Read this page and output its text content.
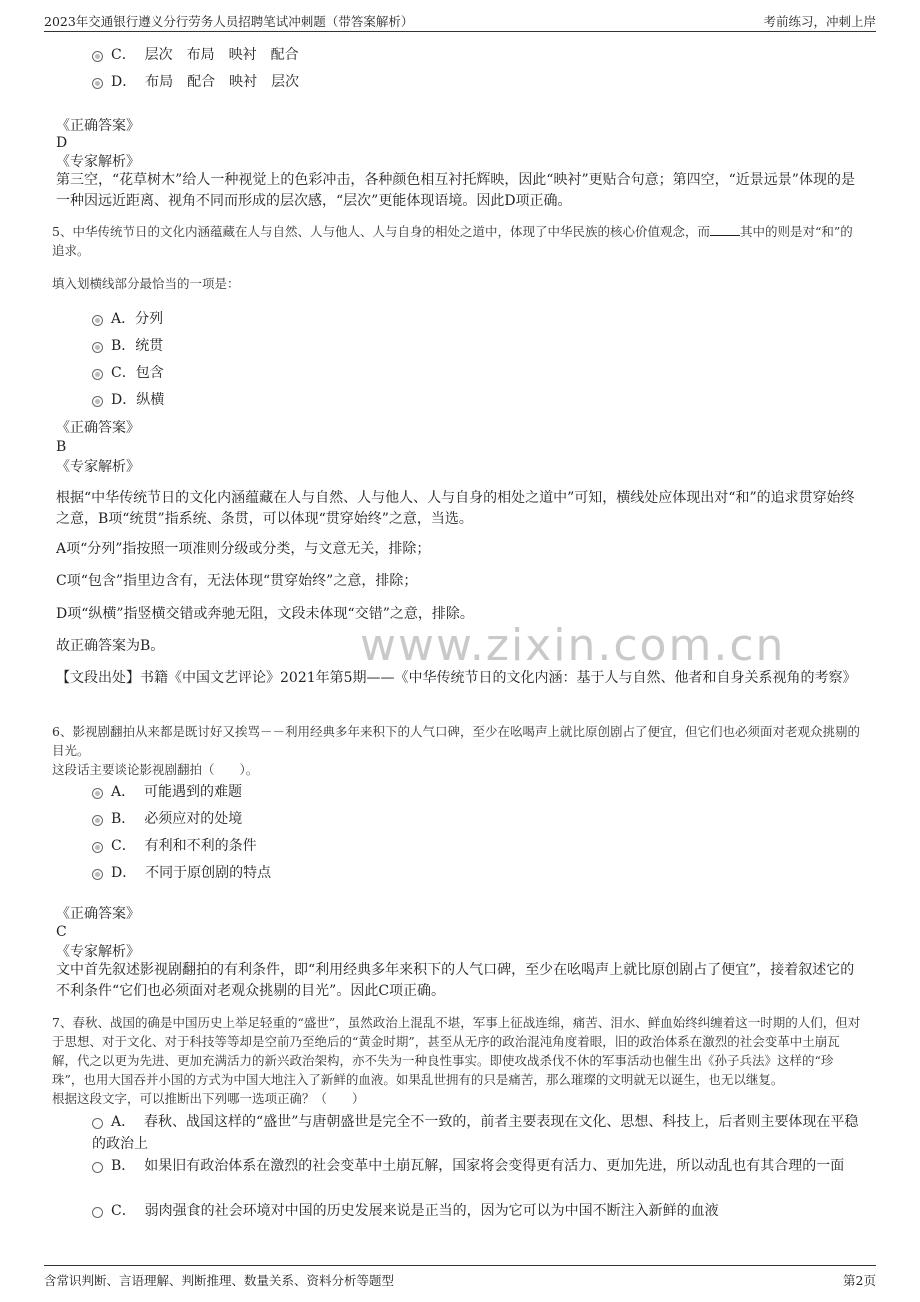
2023年交通银行遵义分行劳务人员招聘笔试冲刺题（带答案解析）	考前练习，冲刺上岸
www.zixin.com.cn
C． 层次　布局　映衬　配合
D． 布局　配合　映衬　层次
《正确答案》
D
《专家解析》
第三空，“花草树木”给人一种视觉上的色彩冲击，各种颜色相互衬托辉映，因此“映衬”更贴合句意；第四空，“近景远景”体现的是一种因远近距离、视角不同而形成的层次感，“层次”更能体现语境。因此D项正确。
5、中华传统节日的文化内涵蕴藏在人与自然、人与他人、人与自身的相处之道中，体现了中华民族的核心价值观念，而 其中的则是对“和”的追求。
填入划横线部分最恰当的一项是：
A．分列
B．统贯
C．包含
D．纵横
《正确答案》
B
《专家解析》
根据“中华传统节日的文化内涵蕴藏在人与自然、人与他人、人与自身的相处之道中”可知，横线处应体现出对“和”的追求贯穿始终之意，B项“统贯”指系统、条贯，可以体现“贯穿始终”之意，当选。
A项“分列”指按照一项准则分级或分类，与文意无关，排除；
C项“包含”指里边含有，无法体现“贯穿始终”之意，排除；
D项“纵横”指竖横交错或奔驰无阻，文段未体现“交错”之意，排除。
故正确答案为B。
【文段出处】书籍《中国文艺评论》2021年第5期——《中华传统节日的文化内涵：基于人与自然、他者和自身关系视角的考察》
6、影视剧翻拍从来都是既讨好又挨骂－－利用经典多年来积下的人气口碑，至少在吆喝声上就比原创剧占了便宜，但它们也必须面对老观众挑剔的目光。
这段话主要谈论影视剧翻拍（　　）。
A． 可能遇到的难题
B． 必须应对的处境
C． 有利和不利的条件
D． 不同于原创剧的特点
《正确答案》
C
《专家解析》
文中首先叙述影视剧翻拍的有利条件，即“利用经典多年来积下的人气口碑，至少在吆喝声上就比原创剧占了便宜”，接着叙述它的不利条件“它们也必须面对老观众挑剔的目光”。因此C项正确。
7、春秋、战国的确是中国历史上举足轻重的“盛世”，虽然政治上混乱不堪，军事上征战连绵，痛苦、泪水、鲜血始终纠缠着这一时期的人们，但对于思想、对于文化、对于科技等等却是空前乃至绝后的“黄金时期”，甚至从无序的政治混沌角度着眼，旧的政治体系在激烈的社会变革中土崩瓦解，代之以更为先进、更加充满活力的新兴政治架构，亦不失为一种良性事实。即使攻战杀伐不休的军事活动也催生出《孙子兵法》这样的“珍珠”，也用大国吞并小国的方式为中国大地注入了新鲜的血液。如果乱世拥有的只是痛苦，那么璀璨的文明就无以诞生，也无以继复。
根据这段文字，可以推断出下列哪一选项正确？（　　）
A． 春秋、战国这样的“盛世”与唐朝盛世是完全不一致的，前者主要表现在文化、思想、科技上，后者则主要体现在平稳的政治上
B． 如果旧有政治体系在激烈的社会变革中土崩瓦解，国家将会变得更有活力、更加先进，所以动乱也有其合理的一面
C． 弱肉强食的社会环境对中国的历史发展来说是正当的，因为它可以为中国不断注入新鲜的血液
含常识判断、言语理解、判断推理、数量关系、资料分析等题型	第2页
